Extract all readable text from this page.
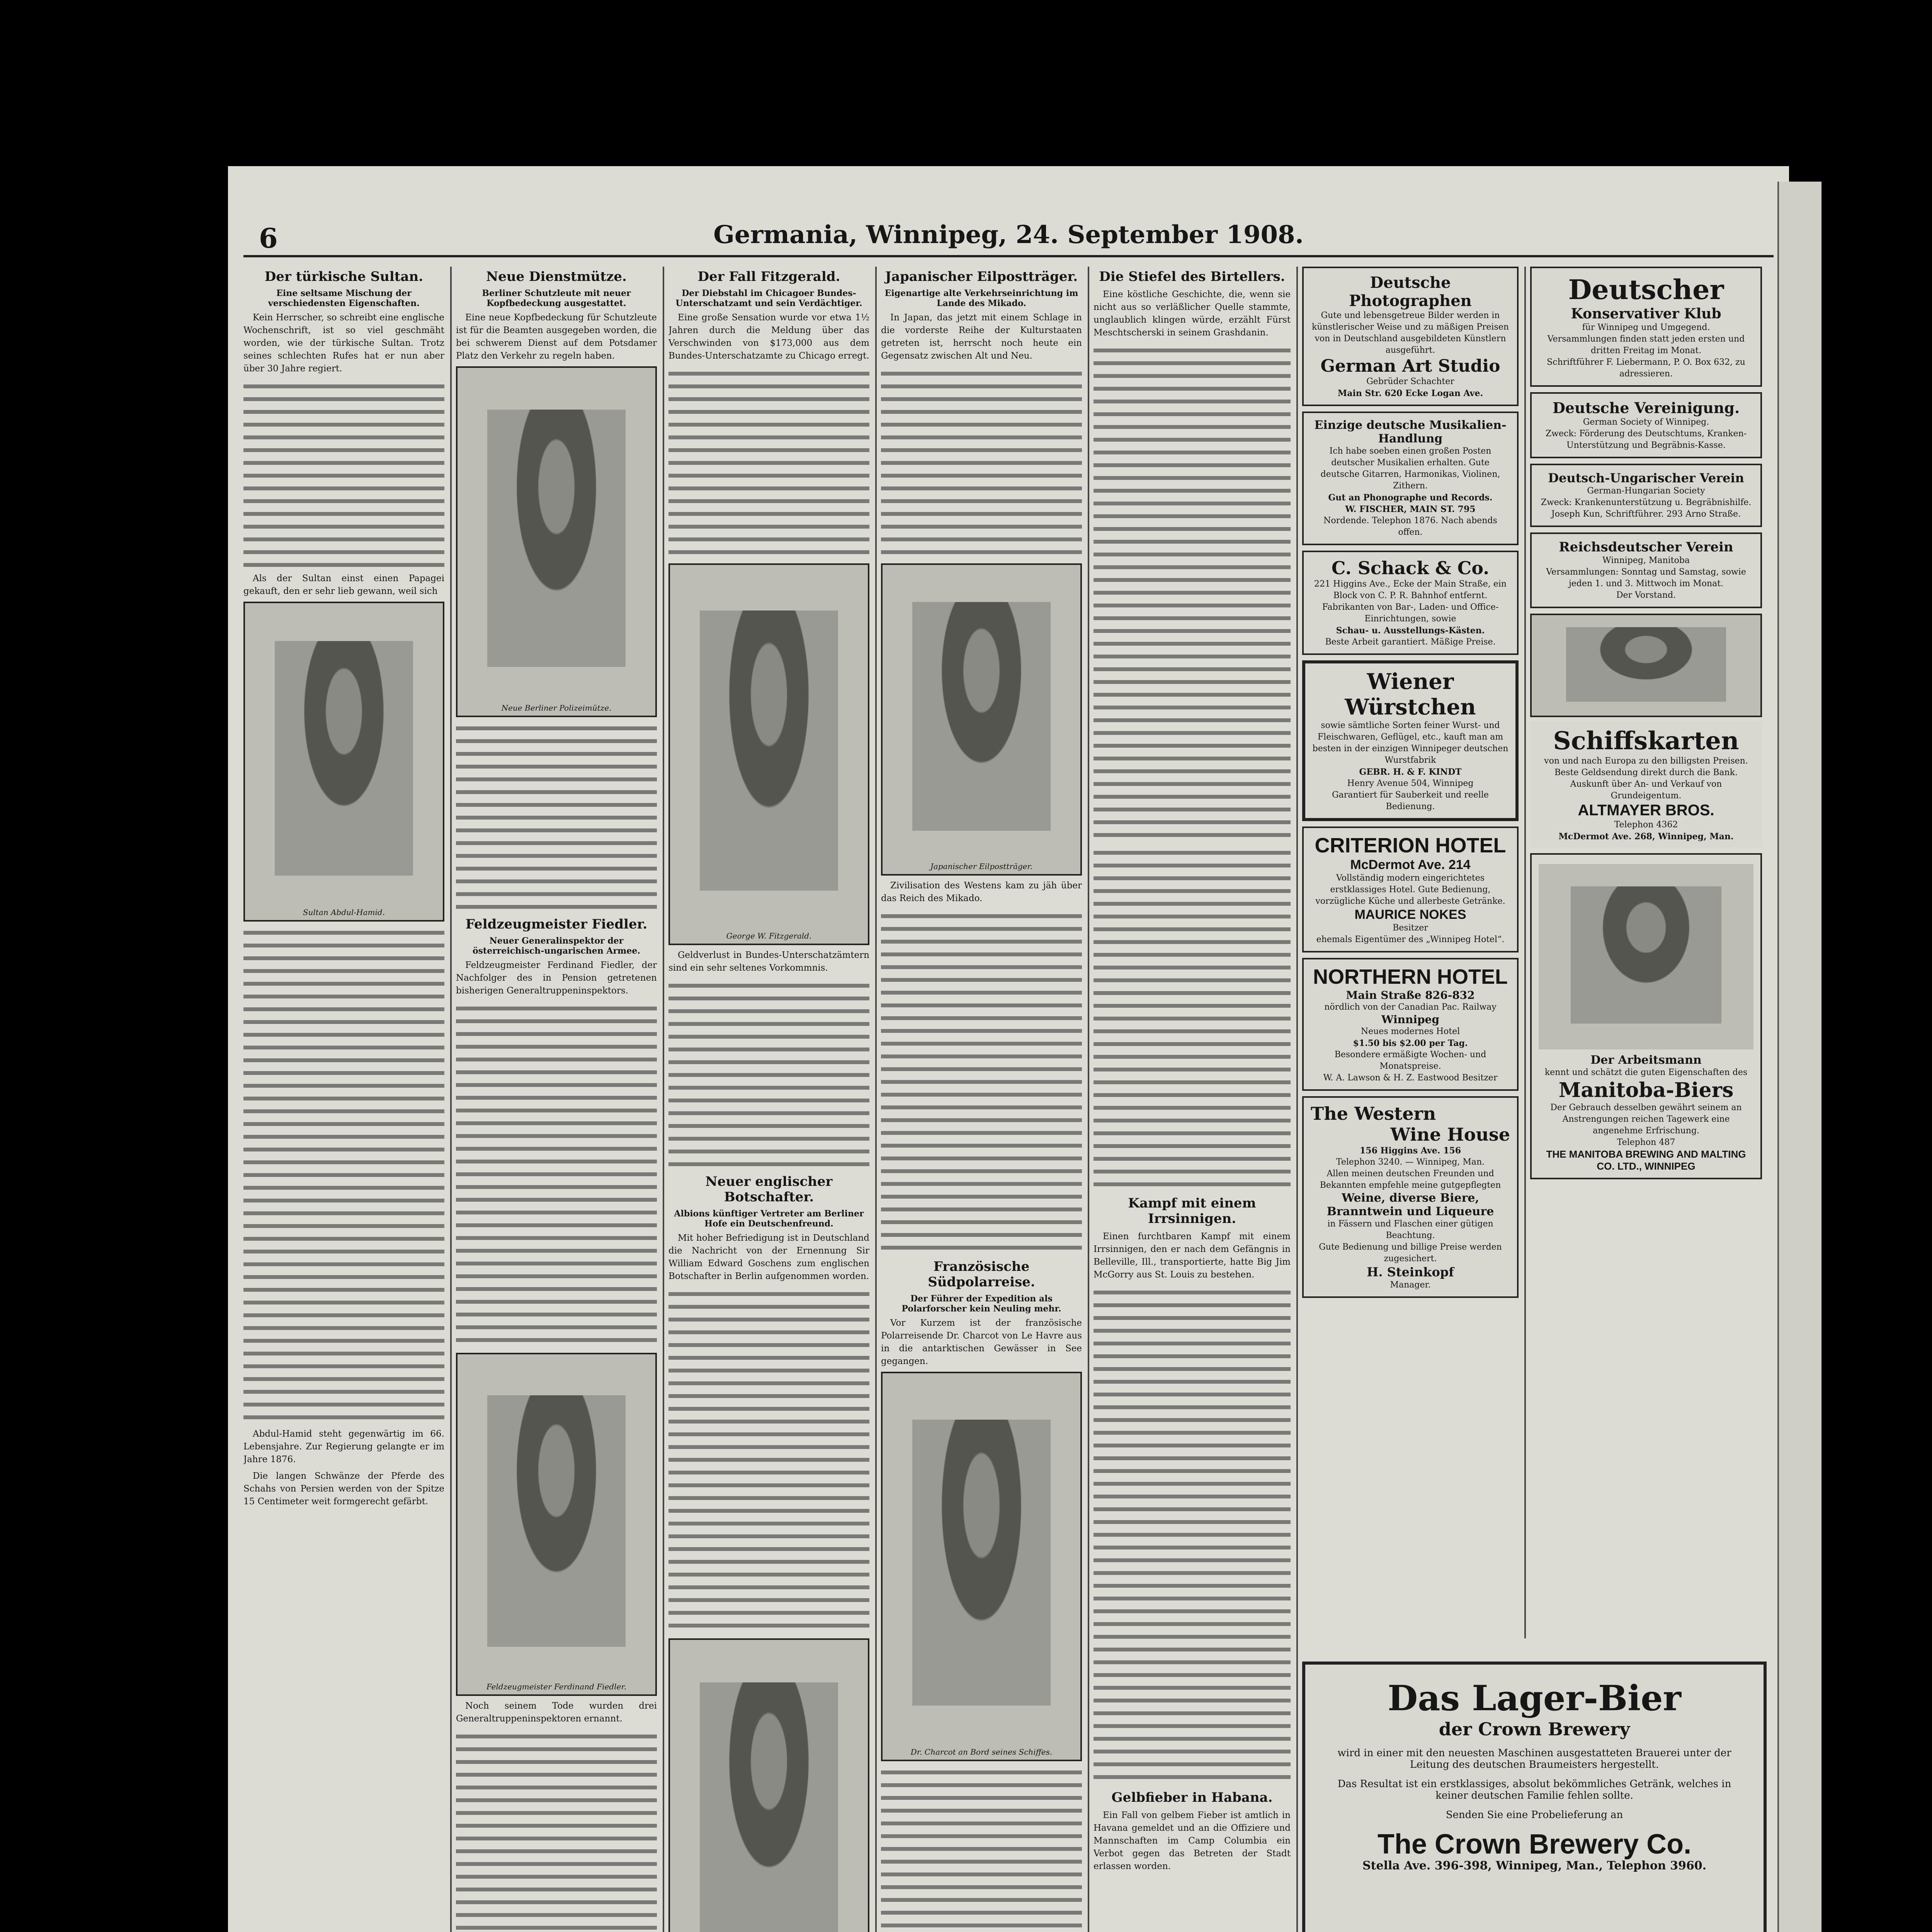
6	Germania, Winnipeg, 24. September 1908.
Der türkische Sultan.
Eine seltsame Mischung der verschiedensten Eigenschaften.
Kein Herrscher, so schreibt eine englische Wochenschrift, ist so viel geschmäht worden, wie der türkische Sultan. Trotz seines schlechten Rufes hat er nun aber über 30 Jahre regiert.
Als der Sultan einst einen Papagei gekauft, den er sehr lieb gewann, weil sich
Sultan Abdul-Hamid.
Abdul-Hamid steht gegenwärtig im 66. Lebensjahre. Zur Regierung gelangte er im Jahre 1876.
Die langen Schwänze der Pferde des Schahs von Persien werden von der Spitze 15 Centimeter weit formgerecht gefärbt.
Neue Dienstmütze.
Berliner Schutzleute mit neuer Kopfbedeckung ausgestattet.
Eine neue Kopfbedeckung für Schutzleute ist für die Beamten ausgegeben worden, die bei schwerem Dienst auf dem Potsdamer Platz den Verkehr zu regeln haben.
Neue Berliner Polizeimütze.
Feldzeugmeister Fiedler.
Neuer Generalinspektor der österreichisch-ungarischen Armee.
Feldzeugmeister Ferdinand Fiedler, der Nachfolger des in Pension getretenen bisherigen Generaltruppeninspektors.
Feldzeugmeister Ferdinand Fiedler.
Noch seinem Tode wurden drei Generaltruppeninspektoren ernannt.
Der Fall Fitzgerald.
Der Diebstahl im Chicagoer Bundes-Unterschatzamt und sein Verdächtiger.
Eine große Sensation wurde vor etwa 1½ Jahren durch die Meldung über das Verschwinden von $173,000 aus dem Bundes-Unterschatzamte zu Chicago erregt.
George W. Fitzgerald.
Geldverlust in Bundes-Unterschatzämtern sind ein sehr seltenes Vorkommnis.
Neuer englischer Botschafter.
Albions künftiger Vertreter am Berliner Hofe ein Deutschenfreund.
Mit hoher Befriedigung ist in Deutschland die Nachricht von der Ernennung Sir William Edward Goschens zum englischen Botschafter in Berlin aufgenommen worden.
Japanischer Eilpostträger.
Eigenartige alte Verkehrseinrichtung im Lande des Mikado.
In Japan, das jetzt mit einem Schlage in die vorderste Reihe der Kulturstaaten getreten ist, herrscht noch heute ein Gegensatz zwischen Alt und Neu.
Japanischer Eilpostträger.
Zivilisation des Westens kam zu jäh über das Reich des Mikado.
Französische Südpolarreise.
Der Führer der Expedition als Polarforscher kein Neuling mehr.
Vor Kurzem ist der französische Polarreisende Dr. Charcot von Le Havre aus in die antarktischen Gewässer in See gegangen.
Dr. Charcot an Bord seines Schiffes.
Die Stiefel des Birtellers.
Eine köstliche Geschichte, die, wenn sie nicht aus so verläßlicher Quelle stammte, unglaublich klingen würde, erzählt Fürst Meschtscherski in seinem Grashdanin.
Kampf mit einem Irrsinnigen.
Einen furchtbaren Kampf mit einem Irrsinnigen, den er nach dem Gefängnis in Belleville, Ill., transportierte, hatte Big Jim McGorry aus St. Louis zu bestehen.
Gelbfieber in Habana.
Ein Fall von gelbem Fieber ist amtlich in Havana gemeldet und an die Offiziere und Mannschaften im Camp Columbia ein Verbot gegen das Betreten der Stadt erlassen worden.
Deutsche Photographen
Gute und lebensgetreue Bilder werden in künstlerischer Weise und zu mäßigen Preisen von in Deutschland ausgebildeten Künstlern ausgeführt.
German Art Studio
Gebrüder Schachter
Main Str. 620 Ecke Logan Ave.
Einzige deutsche Musikalien-Handlung
Ich habe soeben einen großen Posten deutscher Musikalien erhalten. Gute deutsche Gitarren, Harmonikas, Violinen, Zithern.
Gut an Phonographe und Records.
W. FISCHER, MAIN ST. 795
Nordende. Telephon 1876. Nach abends offen.
C. Schack & Co.
221 Higgins Ave., Ecke der Main Straße, ein Block von C. P. R. Bahnhof entfernt.
Fabrikanten von Bar-, Laden- und Office-Einrichtungen, sowie
Schau- u. Ausstellungs-Kästen.
Beste Arbeit garantiert. Mäßige Preise.
Wiener Würstchen
sowie sämtliche Sorten feiner Wurst- und Fleischwaren, Geflügel, etc., kauft man am besten in der einzigen Winnipeger deutschen Wurstfabrik
GEBR. H. & F. KINDT
Henry Avenue 504, Winnipeg
Garantiert für Sauberkeit und reelle Bedienung.
CRITERION HOTEL
McDermot Ave. 214
Vollständig modern eingerichtetes erstklassiges Hotel. Gute Bedienung, vorzügliche Küche und allerbeste Getränke.
MAURICE NOKES
Besitzer
ehemals Eigentümer des „Winnipeg Hotel“.
NORTHERN HOTEL
Main Straße 826-832
nördlich von der Canadian Pac. Railway
Winnipeg
Neues modernes Hotel
$1.50 bis $2.00 per Tag.
Besondere ermäßigte Wochen- und Monatspreise.
W. A. Lawson & H. Z. Eastwood Besitzer
The Western
Wine House
156 Higgins Ave. 156
Telephon 3240. — Winnipeg, Man.
Allen meinen deutschen Freunden und Bekannten empfehle meine gutgepflegten
Weine, diverse Biere, Branntwein und Liqueure
in Fässern und Flaschen einer gütigen Beachtung.
Gute Bedienung und billige Preise werden zugesichert.
H. Steinkopf
Manager.
Deutscher
Konservativer Klub
für Winnipeg und Umgegend.
Versammlungen finden statt jeden ersten und dritten Freitag im Monat.
Schriftführer F. Liebermann, P. O. Box 632, zu adressieren.
Deutsche Vereinigung.
German Society of Winnipeg.
Zweck: Förderung des Deutschtums, Kranken-Unterstützung und Begräbnis-Kasse.
Deutsch-Ungarischer Verein
German-Hungarian Society
Zweck: Krankenunterstützung u. Begräbnishilfe.
Joseph Kun, Schriftführer. 293 Arno Straße.
Reichsdeutscher Verein
Winnipeg, Manitoba
Versammlungen: Sonntag und Samstag, sowie jeden 1. und 3. Mittwoch im Monat.
Der Vorstand.
Schiffskarten
von und nach Europa zu den billigsten Preisen.
Beste Geldsendung direkt durch die Bank. Auskunft über An- und Verkauf von Grundeigentum.
ALTMAYER BROS.
Telephon 4362
McDermot Ave. 268, Winnipeg, Man.
Der Arbeitsmann
kennt und schätzt die guten Eigenschaften des
Manitoba-Biers
Der Gebrauch desselben gewährt seinem an Anstrengungen reichen Tagewerk eine angenehme Erfrischung.
Telephon 487
THE MANITOBA BREWING AND MALTING CO. LTD., WINNIPEG
Das Lager-Bier
der Crown Brewery
wird in einer mit den neuesten Maschinen ausgestatteten Brauerei unter der Leitung des deutschen Braumeisters hergestellt.
Das Resultat ist ein erstklassiges, absolut bekömmliches Getränk, welches in keiner deutschen Familie fehlen sollte.
Senden Sie eine Probelieferung an
The Crown Brewery Co.
Stella Ave. 396-398, Winnipeg, Man., Telephon 3960.
